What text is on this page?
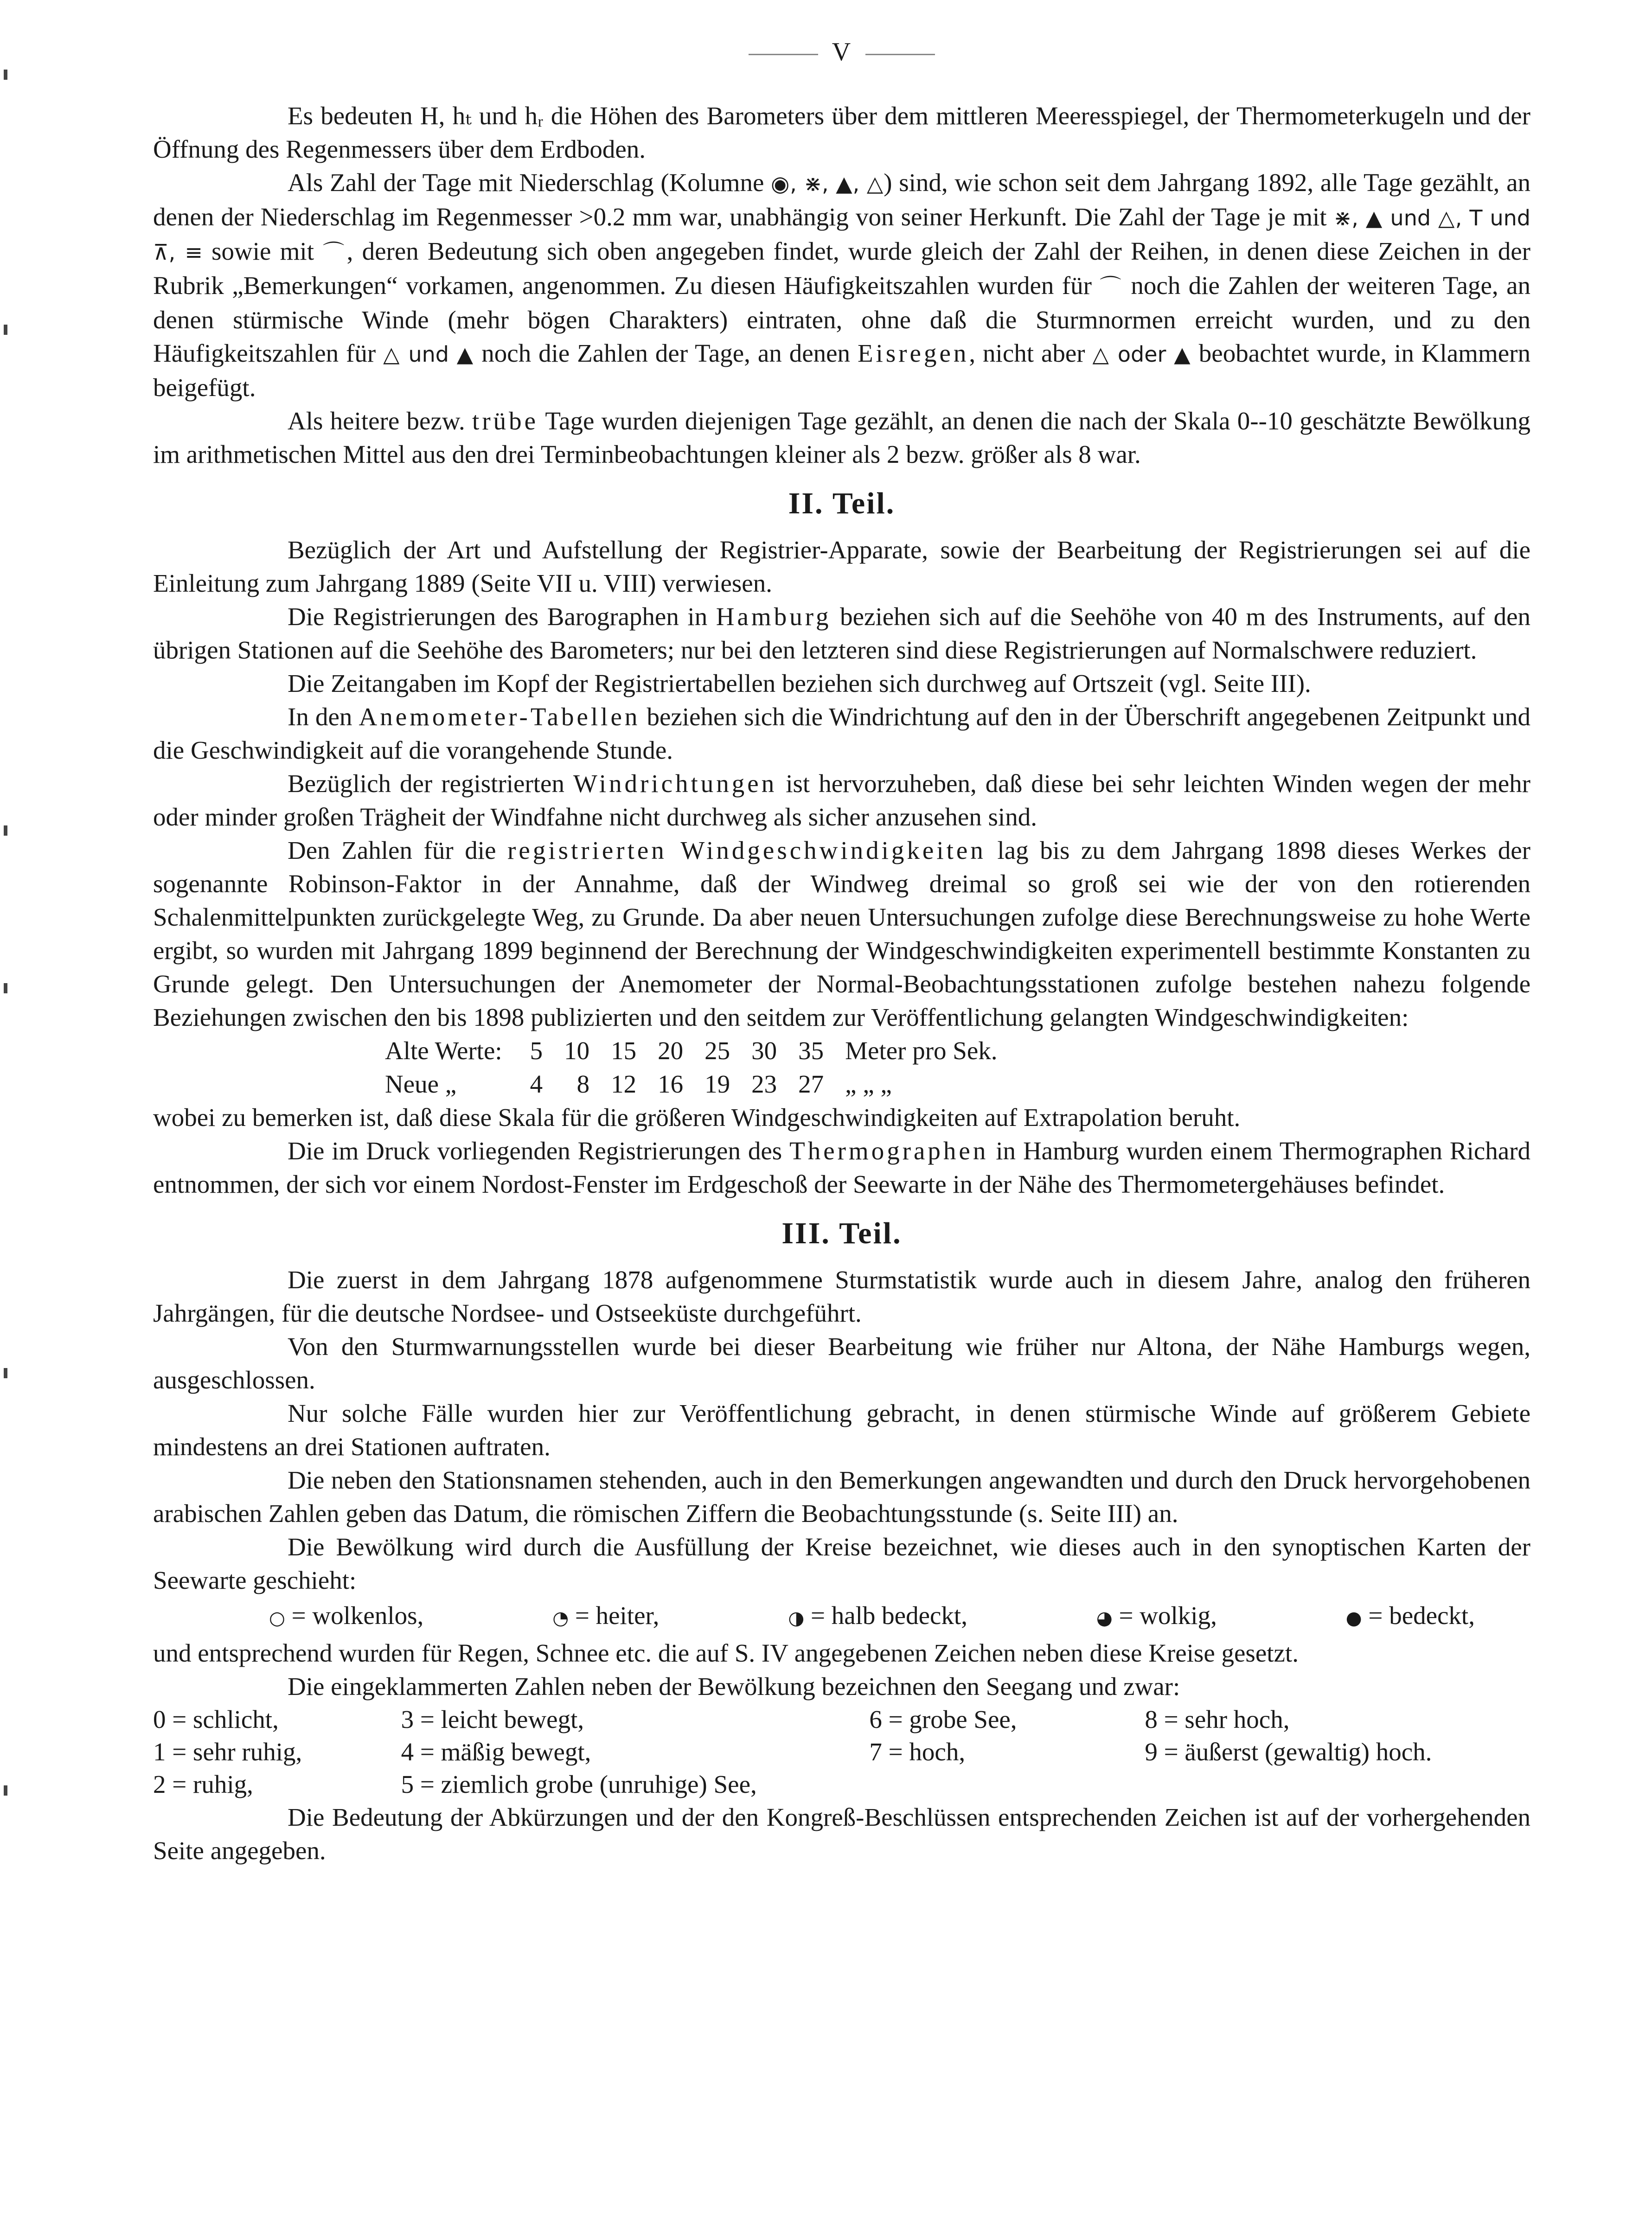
V

Es bedeuten H, hₜ und hᵣ die Höhen des Barometers über dem mittleren Meeresspiegel, der Thermometerkugeln und der Öffnung des Regenmessers über dem Erdboden.

Als Zahl der Tage mit Niederschlag (Kolumne ◉, ⋇, ▲, △) sind, wie schon seit dem Jahrgang 1892, alle Tage gezählt, an denen der Niederschlag im Regenmesser >0.2 mm war, unabhängig von seiner Herkunft. Die Zahl der Tage je mit ⋇, ▲ und △, T und ⊼, ≡ sowie mit ⌒, deren Bedeutung sich oben angegeben findet, wurde gleich der Zahl der Reihen, in denen diese Zeichen in der Rubrik „Bemerkungen“ vorkamen, angenommen. Zu diesen Häufigkeitszahlen wurden für ⌒ noch die Zahlen der weiteren Tage, an denen stürmische Winde (mehr bögen Charakters) eintraten, ohne daß die Sturmnormen erreicht wurden, und zu den Häufigkeitszahlen für △ und ▲ noch die Zahlen der Tage, an denen Eisregen, nicht aber △ oder ▲ beobachtet wurde, in Klammern beigefügt.

Als heitere bezw. trübe Tage wurden diejenigen Tage gezählt, an denen die nach der Skala 0--10 geschätzte Bewölkung im arithmetischen Mittel aus den drei Terminbeobachtungen kleiner als 2 bezw. größer als 8 war.

II. Teil.

Bezüglich der Art und Aufstellung der Registrier-Apparate, sowie der Bearbeitung der Registrierungen sei auf die Einleitung zum Jahrgang 1889 (Seite VII u. VIII) verwiesen.

Die Registrierungen des Barographen in Hamburg beziehen sich auf die Seehöhe von 40 m des Instruments, auf den übrigen Stationen auf die Seehöhe des Barometers; nur bei den letzteren sind diese Registrierungen auf Normalschwere reduziert.

Die Zeitangaben im Kopf der Registriertabellen beziehen sich durchweg auf Ortszeit (vgl. Seite III).

In den Anemometer-Tabellen beziehen sich die Windrichtung auf den in der Überschrift angegebenen Zeitpunkt und die Geschwindigkeit auf die vorangehende Stunde.

Bezüglich der registrierten Windrichtungen ist hervorzuheben, daß diese bei sehr leichten Winden wegen der mehr oder minder großen Trägheit der Windfahne nicht durchweg als sicher anzusehen sind.

Den Zahlen für die registrierten Windgeschwindigkeiten lag bis zu dem Jahrgang 1898 dieses Werkes der sogenannte Robinson-Faktor in der Annahme, daß der Windweg dreimal so groß sei wie der von den rotierenden Schalenmittelpunkten zurückgelegte Weg, zu Grunde. Da aber neuen Untersuchungen zufolge diese Berechnungsweise zu hohe Werte ergibt, so wurden mit Jahrgang 1899 beginnend der Berechnung der Windgeschwindigkeiten experimentell bestimmte Konstanten zu Grunde gelegt. Den Untersuchungen der Anemometer der Normal-Beobachtungsstationen zufolge bestehen nahezu folgende Beziehungen zwischen den bis 1898 publizierten und den seitdem zur Veröffentlichung gelangten Windgeschwindigkeiten:

Alte Werte:	5	10	15	20	25	30	35	Meter pro Sek.
Neue „	4	8	12	16	19	23	27	„ „ „

wobei zu bemerken ist, daß diese Skala für die größeren Windgeschwindigkeiten auf Extrapolation beruht.

Die im Druck vorliegenden Registrierungen des Thermographen in Hamburg wurden einem Thermographen Richard entnommen, der sich vor einem Nordost-Fenster im Erdgeschoß der Seewarte in der Nähe des Thermometergehäuses befindet.

III. Teil.

Die zuerst in dem Jahrgang 1878 aufgenommene Sturmstatistik wurde auch in diesem Jahre, analog den früheren Jahrgängen, für die deutsche Nordsee- und Ostseeküste durchgeführt.

Von den Sturmwarnungsstellen wurde bei dieser Bearbeitung wie früher nur Altona, der Nähe Hamburgs wegen, ausgeschlossen.

Nur solche Fälle wurden hier zur Veröffentlichung gebracht, in denen stürmische Winde auf größerem Gebiete mindestens an drei Stationen auftraten.

Die neben den Stationsnamen stehenden, auch in den Bemerkungen angewandten und durch den Druck hervorgehobenen arabischen Zahlen geben das Datum, die römischen Ziffern die Beobachtungsstunde (s. Seite III) an.

Die Bewölkung wird durch die Ausfüllung der Kreise bezeichnet, wie dieses auch in den synoptischen Karten der Seewarte geschieht:

○ = wolkenlos,	◔ = heiter,	◑ = halb bedeckt,	◕ = wolkig,	● = bedeckt,

und entsprechend wurden für Regen, Schnee etc. die auf S. IV angegebenen Zeichen neben diese Kreise gesetzt.

Die eingeklammerten Zahlen neben der Bewölkung bezeichnen den Seegang und zwar:

0 = schlicht,	3 = leicht bewegt,	6 = grobe See,	8 = sehr hoch,
1 = sehr ruhig,	4 = mäßig bewegt,	7 = hoch,	9 = äußerst (gewaltig) hoch.
2 = ruhig,	5 = ziemlich grobe (unruhige) See,		

Die Bedeutung der Abkürzungen und der den Kongreß-Beschlüssen entsprechenden Zeichen ist auf der vorhergehenden Seite angegeben.
